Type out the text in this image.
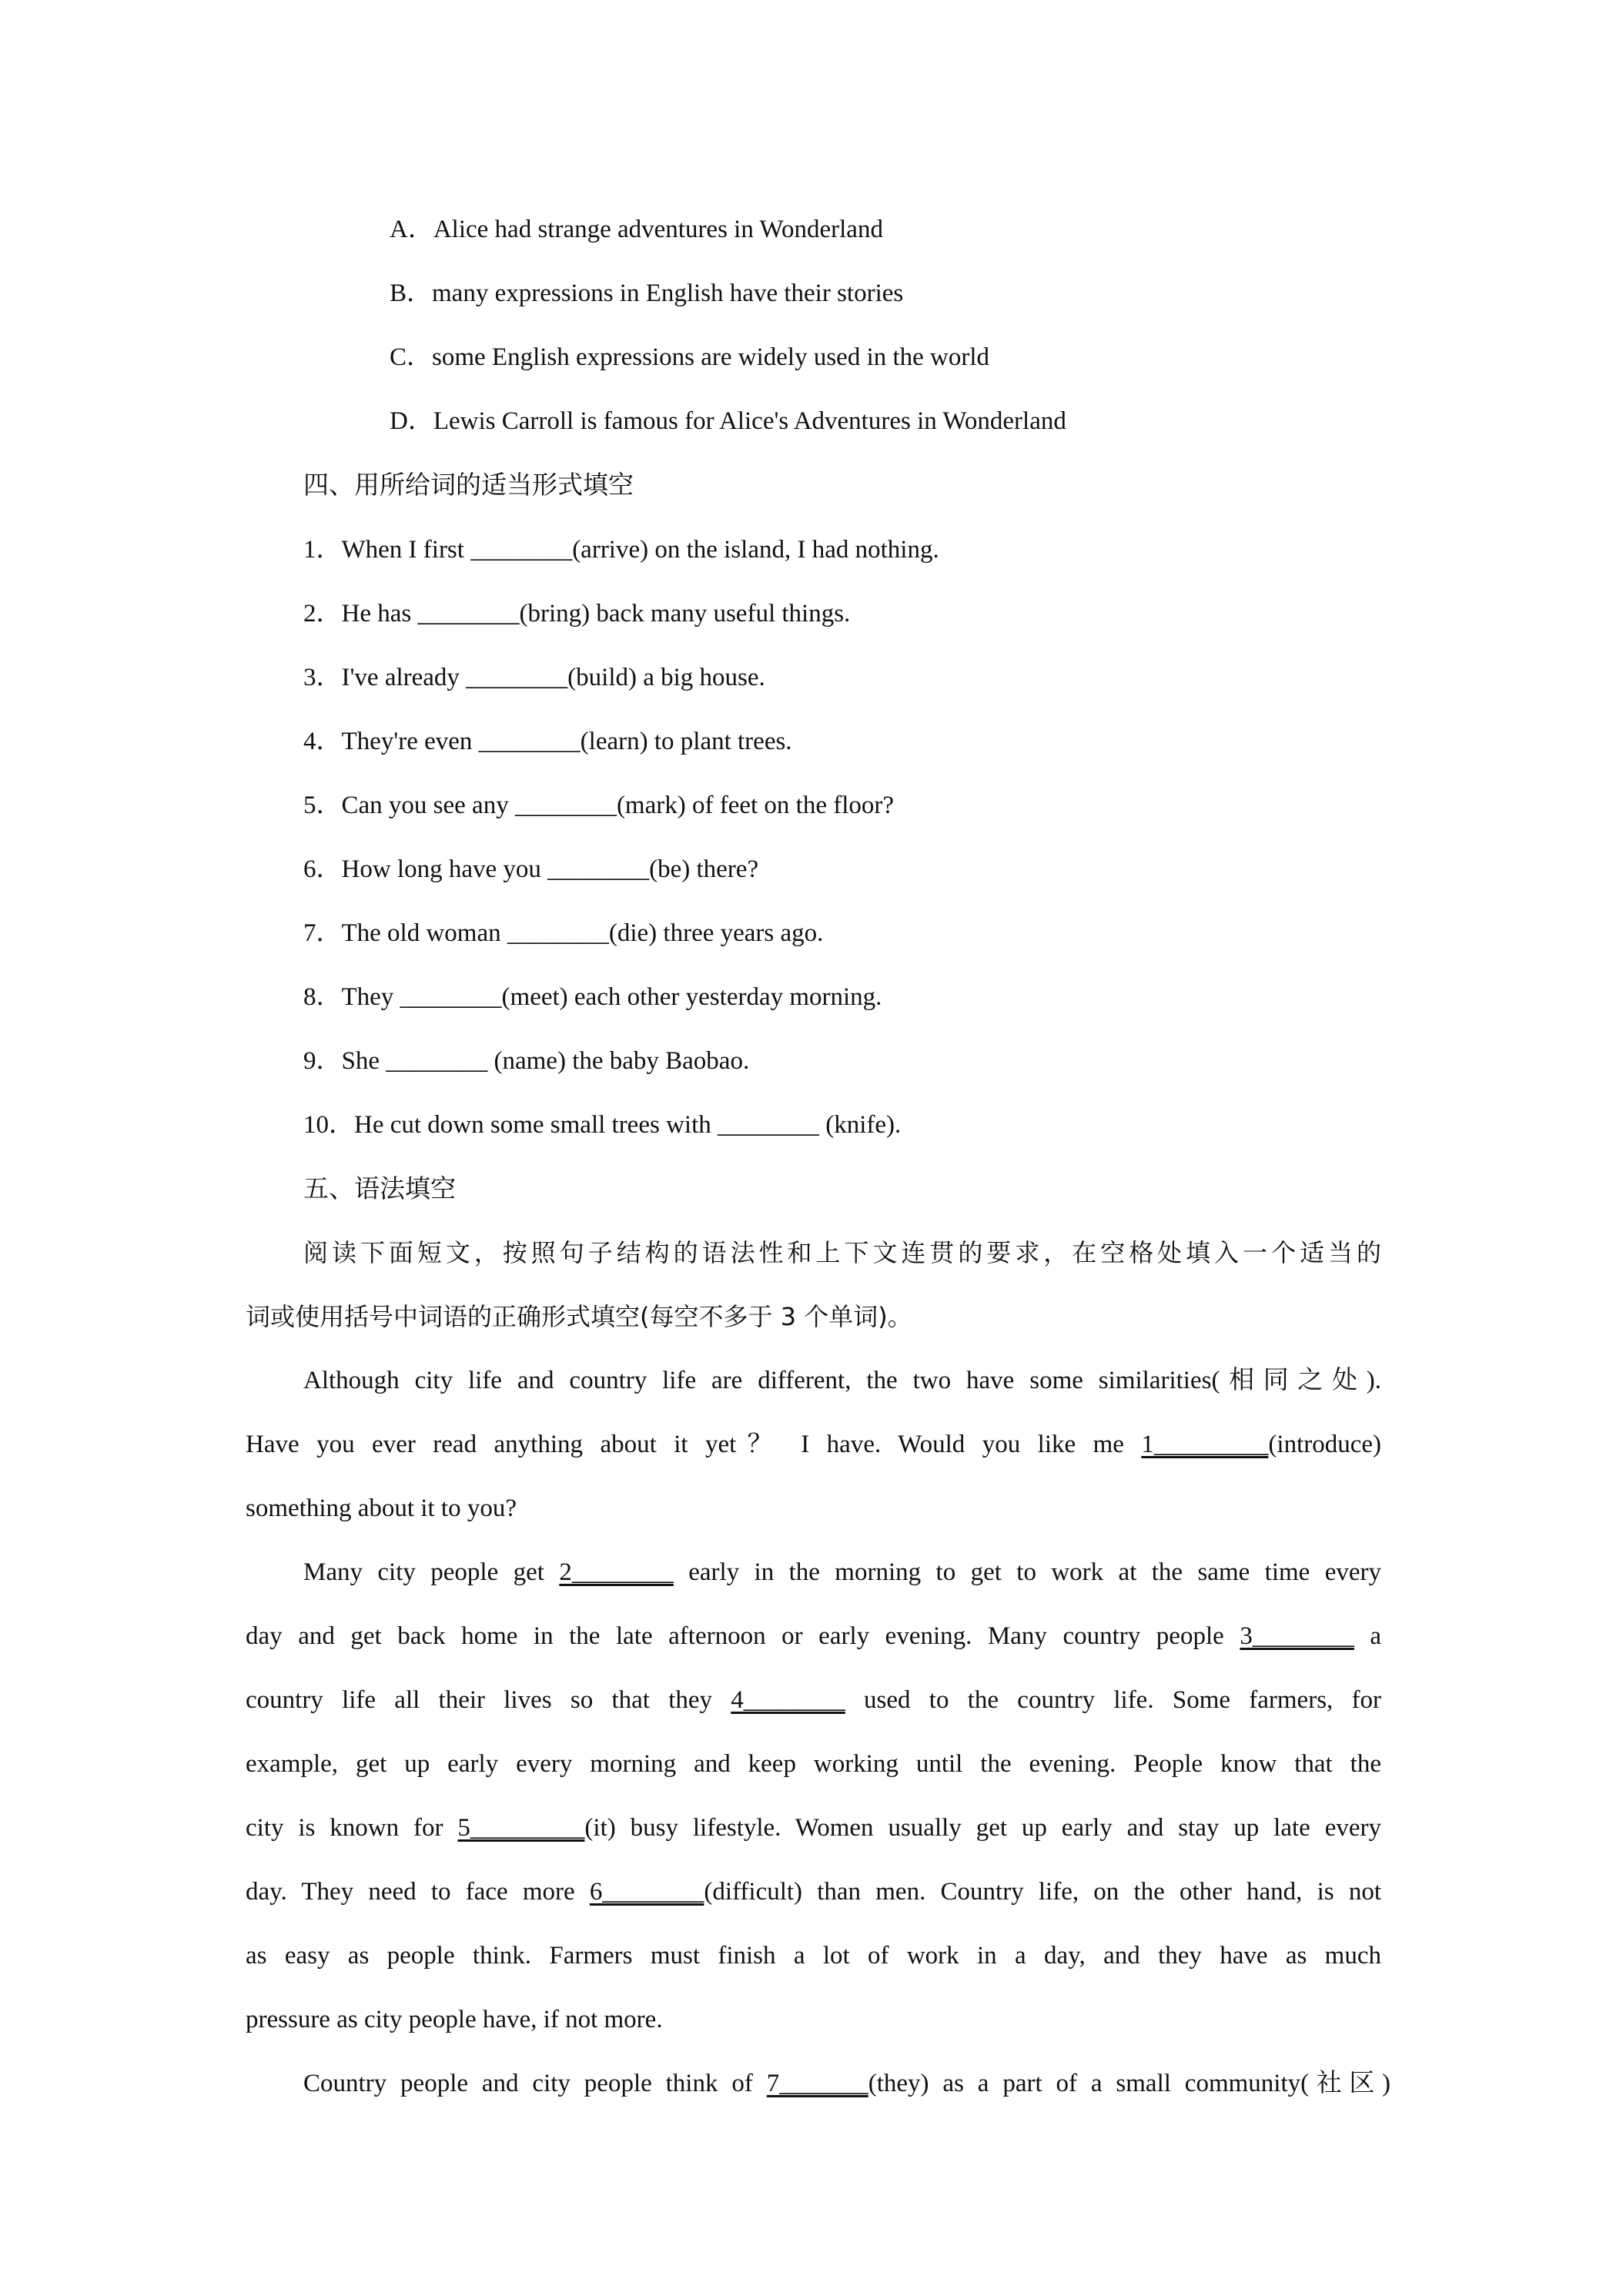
A．Alice had strange adventures in Wonderland
B．many expressions in English have their stories
C．some English expressions are widely used in the world
D．Lewis Carroll is famous for Alice's Adventures in Wonderland
四、用所给词的适当形式填空
1．When I first ________(arrive) on the island, I had nothing.
2．He has ________(bring) back many useful things.
3．I've already ________(build) a big house.
4．They're even ________(learn) to plant trees.
5．Can you see any ________(mark) of feet on the floor?
6．How long have you ________(be) there?
7．The old woman ________(die) three years ago.
8．They ________(meet) each other yesterday morning.
9．She ________ (name) the baby Baobao.
10．He cut down some small trees with ________ (knife).
五、语法填空
阅读下面短文，按照句子结构的语法性和上下文连贯的要求，在空格处填入一个适当的
词或使用括号中词语的正确形式填空(每空不多于 3 个单词)。
Although city life and country life are different, the two have some similarities(相同之处).
Have you ever read anything about it yet？ I have. Would you like me 1_________(introduce)
something about it to you?
Many city people get 2________ early in the morning to get to work at the same time every
day and get back home in the late afternoon or early evening. Many country people 3________ a
country life all their lives so that they 4________ used to the country life. Some farmers, for
example, get up early every morning and keep working until the evening. People know that the
city is known for 5_________(it) busy lifestyle. Women usually get up early and stay up late every
day. They need to face more 6________(difficult) than men. Country life, on the other hand, is not
as easy as people think. Farmers must finish a lot of work in a day, and they have as much
pressure as city people have, if not more.
Country people and city people think of 7_______(they) as a part of a small community(社区)
